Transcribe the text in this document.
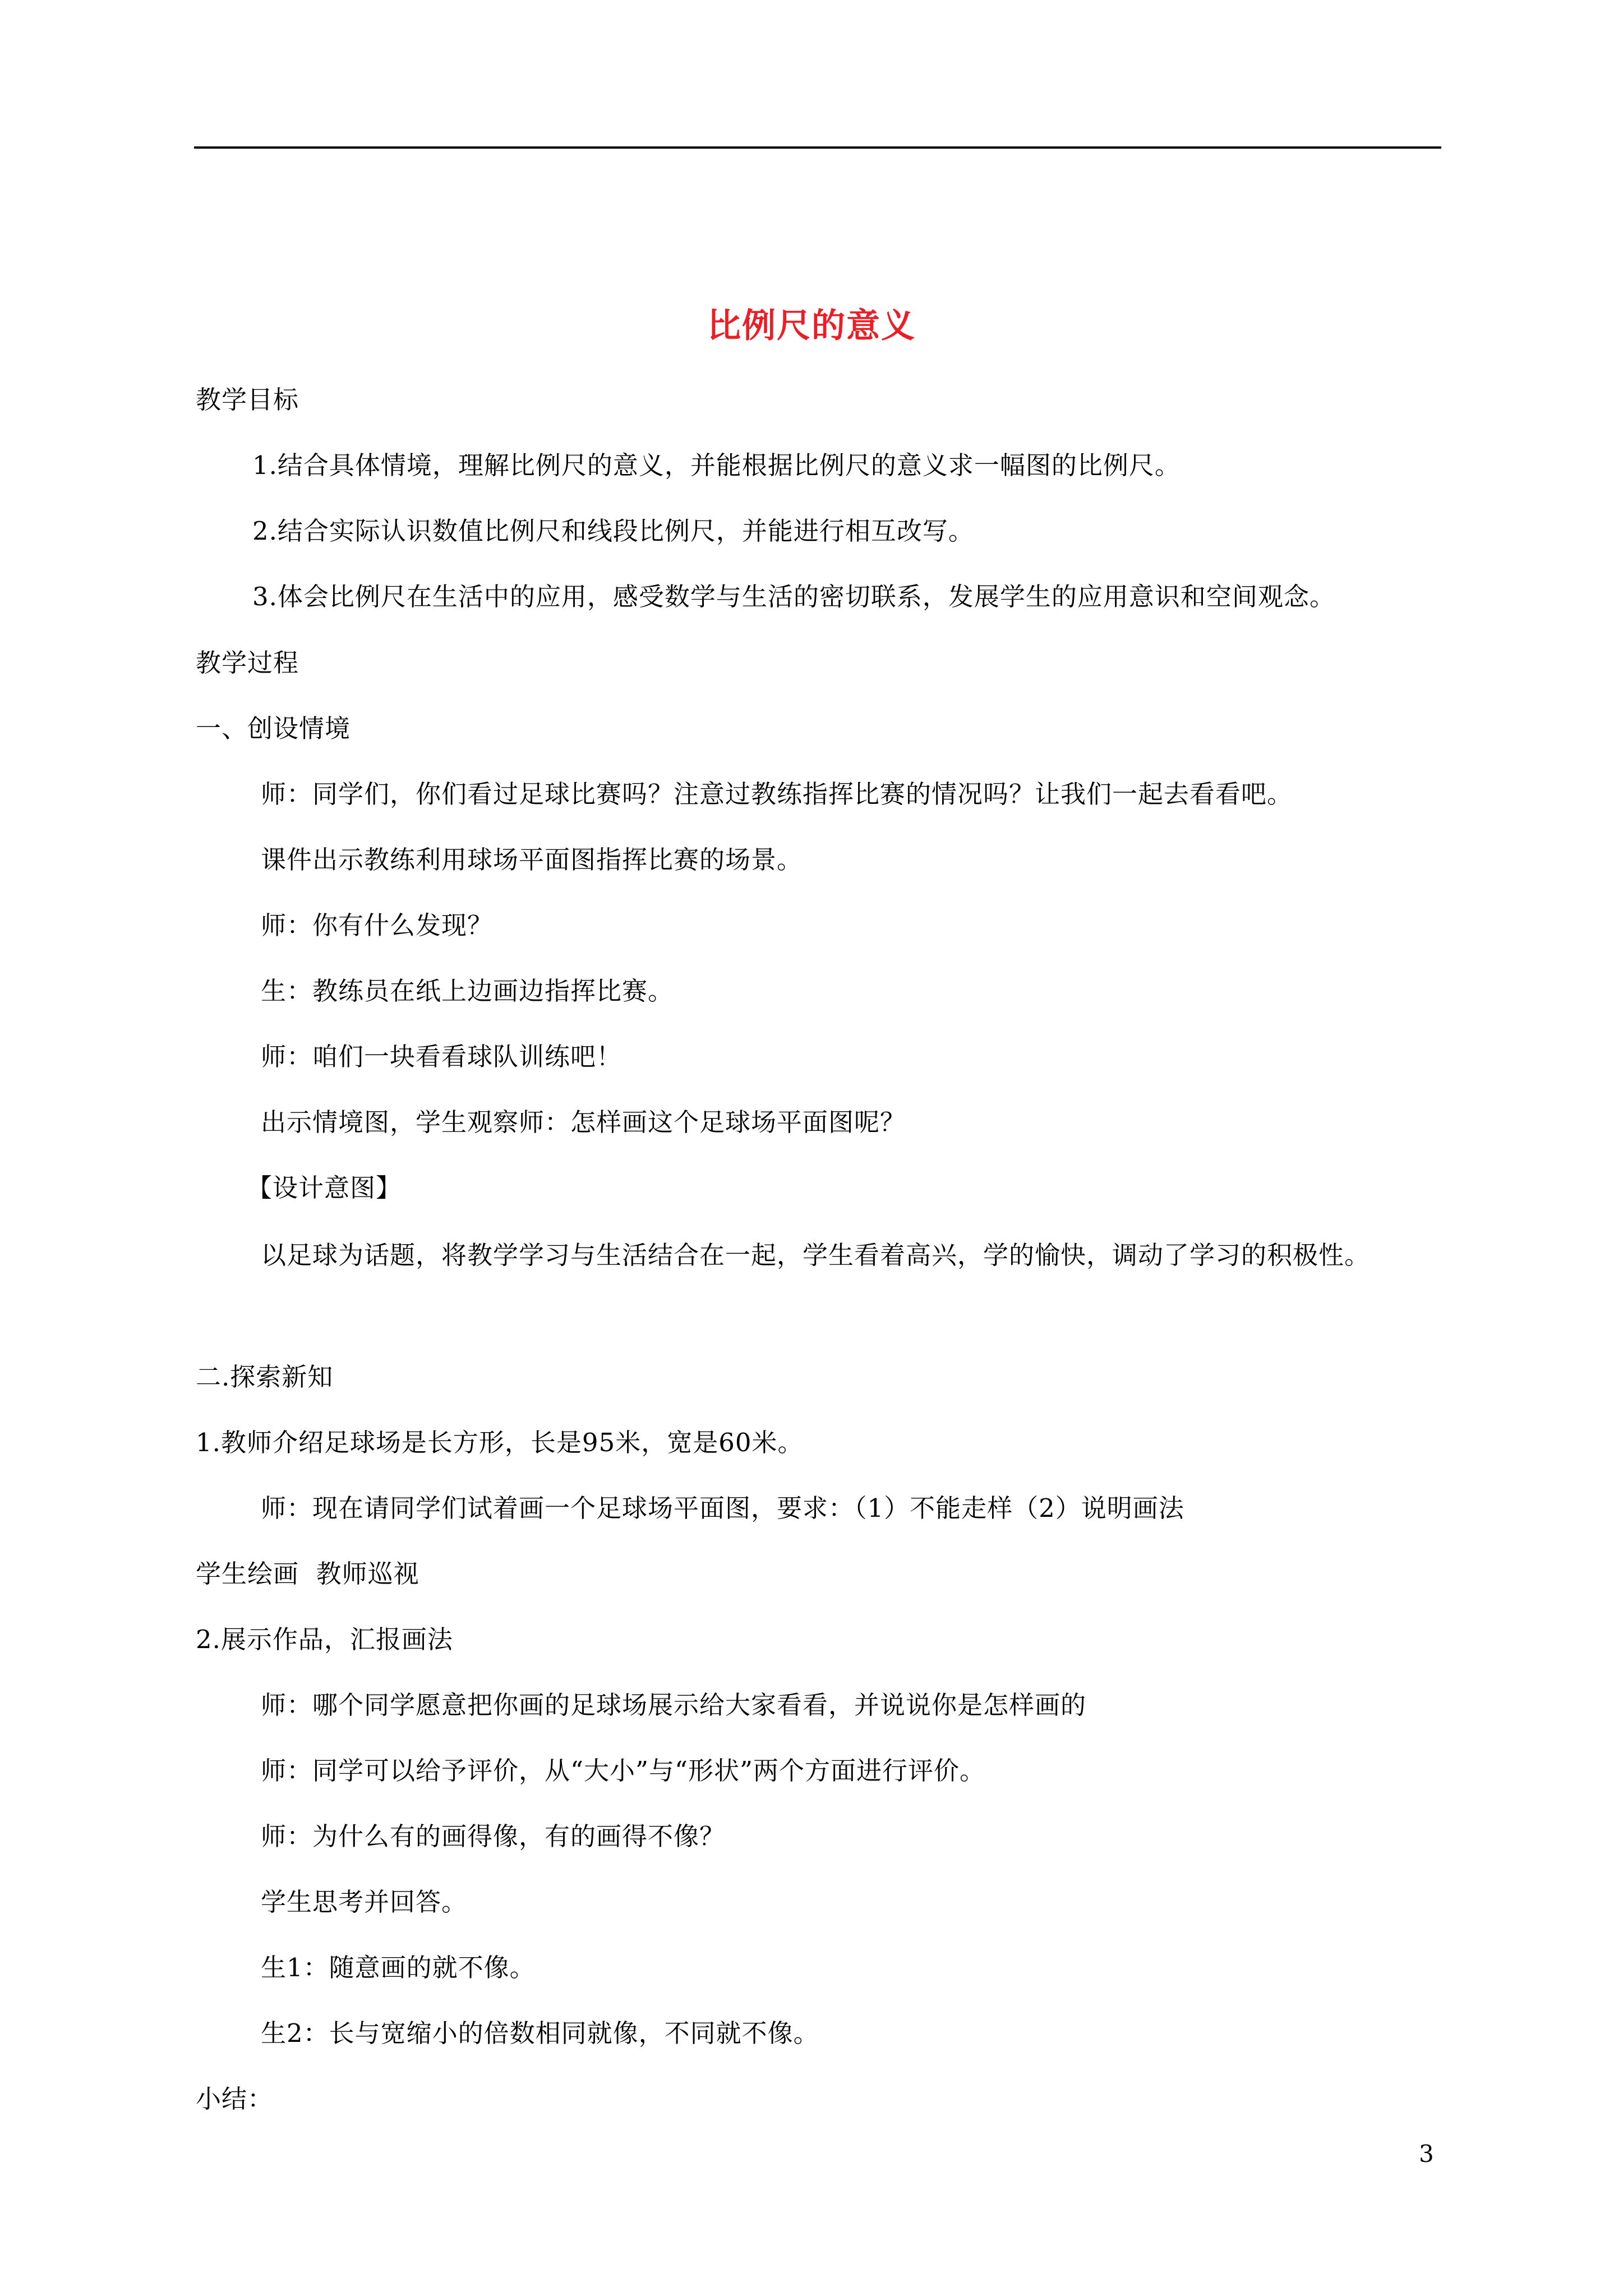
比例尺的意义
教学目标
1.结合具体情境，理解比例尺的意义，并能根据比例尺的意义求一幅图的比例尺。
2.结合实际认识数值比例尺和线段比例尺，并能进行相互改写。
3.体会比例尺在生活中的应用，感受数学与生活的密切联系，发展学生的应用意识和空间观念。
教学过程
一、创设情境
师：同学们，你们看过足球比赛吗？注意过教练指挥比赛的情况吗？让我们一起去看看吧。
课件出示教练利用球场平面图指挥比赛的场景。
师：你有什么发现？
生：教练员在纸上边画边指挥比赛。
师：咱们一块看看球队训练吧！
出示情境图，学生观察师：怎样画这个足球场平面图呢？
【设计意图】
以足球为话题，将教学学习与生活结合在一起，学生看着高兴，学的愉快，调动了学习的积极性。
二.探索新知
1.教师介绍足球场是长方形，长是95米，宽是60米。
师：现在请同学们试着画一个足球场平面图，要求：（1）不能走样（2）说明画法
学生绘画  教师巡视
2.展示作品，汇报画法
师：哪个同学愿意把你画的足球场展示给大家看看，并说说你是怎样画的
师：同学可以给予评价，从“大小”与“形状”两个方面进行评价。
师：为什么有的画得像，有的画得不像？
学生思考并回答。
生1：随意画的就不像。
生2：长与宽缩小的倍数相同就像，不同就不像。
小结：
3
